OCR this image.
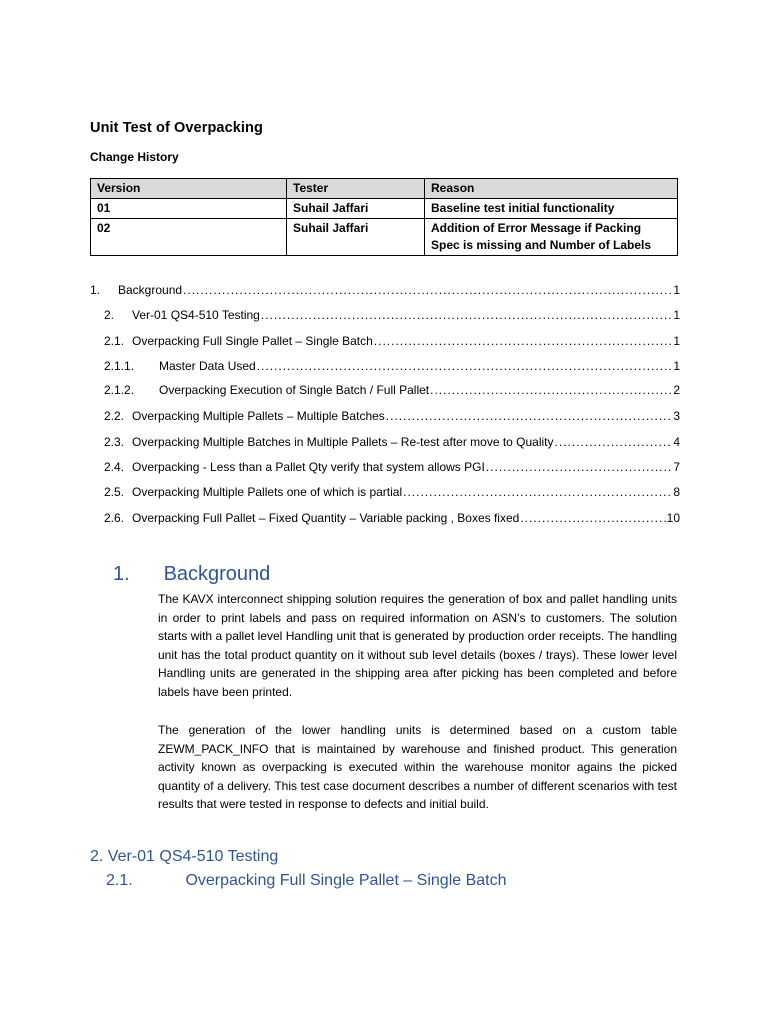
Unit Test of Overpacking
Change History
Version	Tester	Reason
01	Suhail Jaffari	Baseline test initial functionality
02	Suhail Jaffari	Addition of Error Message if Packing Spec is missing and Number of Labels
1.	Background .....	1
2.	Ver-01 QS4-510 Testing .....	1
2.1. Overpacking Full Single Pallet – Single Batch .....	1
2.1.1.	Master Data Used .....	1
2.1.2.	Overpacking Execution of Single Batch / Full Pallet .....	2
2.2. Overpacking Multiple Pallets – Multiple Batches .....	3
2.3. Overpacking Multiple Batches in Multiple Pallets – Re-test after move to Quality .....	4
2.4. Overpacking - Less than a Pallet Qty verify that system allows PGI .....	7
2.5. Overpacking Multiple Pallets one of which is partial .....	8
2.6. Overpacking Full Pallet – Fixed Quantity – Variable packing , Boxes fixed .....	10
1. Background
The KAVX interconnect shipping solution requires the generation of box and pallet handling units in order to print labels and pass on required information on ASN’s to customers. The solution starts with a pallet level Handling unit that is generated by production order receipts. The handling unit has the total product quantity on it without sub level details (boxes / trays). These lower level Handling units are generated in the shipping area after picking has been completed and before labels have been printed.
The generation of the lower handling units is determined based on a custom table ZEWM_PACK_INFO that is maintained by warehouse and finished product. This generation activity known as overpacking is executed within the warehouse monitor agains the picked quantity of a delivery. This test case document describes a number of different scenarios with test results that were tested in response to defects and initial build.
2. Ver-01 QS4-510 Testing
2.1.	Overpacking Full Single Pallet – Single Batch
